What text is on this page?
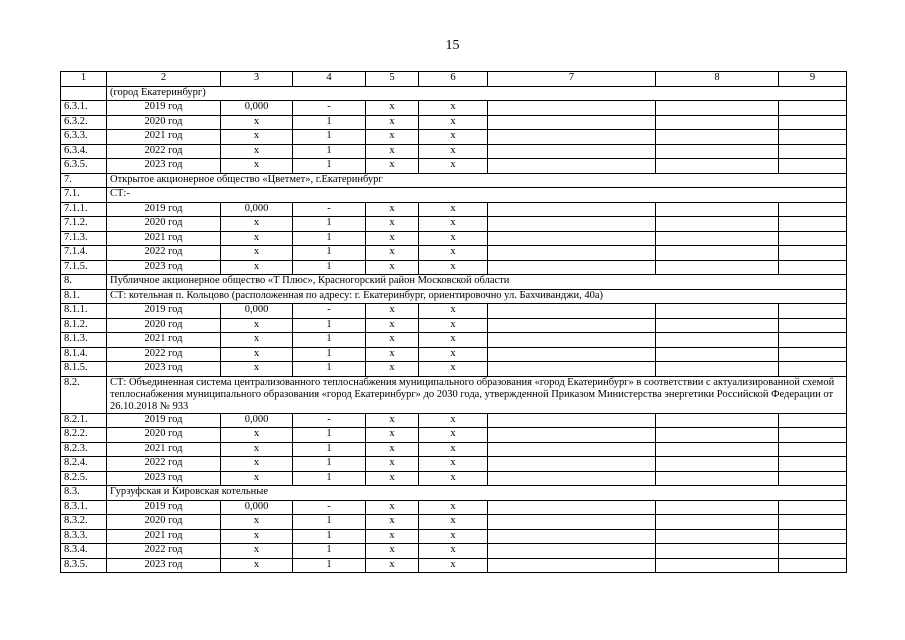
15
1	2	3	4	5	6	7	8	9
	(город Екатеринбург)							
6.3.1.	2019 год	0,000	-	х	х			
6.3.2.	2020 год	х	1	х	х			
6.3.3.	2021 год	х	1	х	х			
6.3.4.	2022 год	х	1	х	х			
6.3.5.	2023 год	х	1	х	х			
7.	Открытое акционерное общество «Цветмет», г.Екатеринбург							
7.1.	СТ:-							
7.1.1.	2019 год	0,000	-	х	х			
7.1.2.	2020 год	х	1	х	х			
7.1.3.	2021 год	х	1	х	х			
7.1.4.	2022 год	х	1	х	х			
7.1.5.	2023 год	х	1	х	х			
8.	Публичное акционерное общество «Т Плюс», Красногорский район Московской области							
8.1.	СТ: котельная п. Кольцово (расположенная по адресу: г. Екатеринбург, ориентировочно ул. Бахчиванджи, 40а)							
8.1.1.	2019 год	0,000	-	х	х			
8.1.2.	2020 год	х	1	х	х			
8.1.3.	2021 год	х	1	х	х			
8.1.4.	2022 год	х	1	х	х			
8.1.5.	2023 год	х	1	х	х			
8.2.	СТ: Объединенная система централизованного теплоснабжения муниципального образования «город Екатеринбург» в соответствии с актуализированной схемой теплоснабжения муниципального образования «город Екатеринбург» до 2030 года, утвержденной Приказом Министерства энергетики Российской Федерации от 26.10.2018 № 933							
8.2.1.	2019 год	0,000	-	х	х			
8.2.2.	2020 год	х	1	х	х			
8.2.3.	2021 год	х	1	х	х			
8.2.4.	2022 год	х	1	х	х			
8.2.5.	2023 год	х	1	х	х			
8.3.	Гурзуфская и Кировская котельные							
8.3.1.	2019 год	0,000	-	х	х			
8.3.2.	2020 год	х	1	х	х			
8.3.3.	2021 год	х	1	х	х			
8.3.4.	2022 год	х	1	х	х			
8.3.5.	2023 год	х	1	х	х			
